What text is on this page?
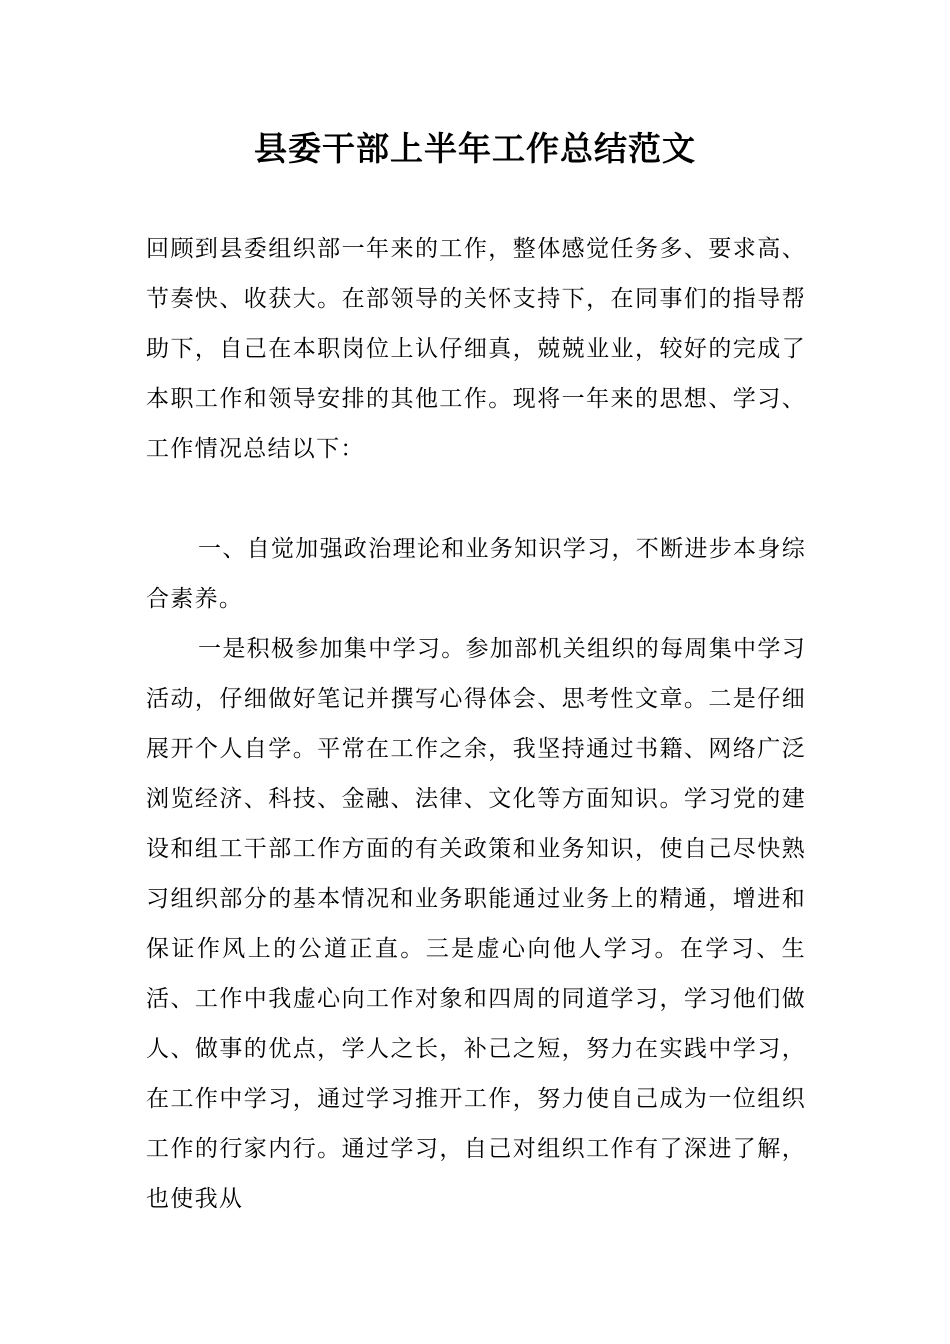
县委干部上半年工作总结范文

回顾到县委组织部一年来的工作，整体感觉任务多、要求高、节奏快、收获大。在部领导的关怀支持下，在同事们的指导帮助下，自己在本职岗位上认仔细真，兢兢业业，较好的完成了本职工作和领导安排的其他工作。现将一年来的思想、学习、工作情况总结以下：

一、自觉加强政治理论和业务知识学习，不断进步本身综合素养。

一是积极参加集中学习。参加部机关组织的每周集中学习活动，仔细做好笔记并撰写心得体会、思考性文章。二是仔细展开个人自学。平常在工作之余，我坚持通过书籍、网络广泛浏览经济、科技、金融、法律、文化等方面知识。学习党的建设和组工干部工作方面的有关政策和业务知识，使自己尽快熟习组织部分的基本情况和业务职能通过业务上的精通，增进和保证作风上的公道正直。三是虚心向他人学习。在学习、生活、工作中我虚心向工作对象和四周的同道学习，学习他们做人、做事的优点，学人之长，补己之短，努力在实践中学习，在工作中学习，通过学习推开工作，努力使自己成为一位组织工作的行家内行。通过学习，自己对组织工作有了深进了解，也使我从
